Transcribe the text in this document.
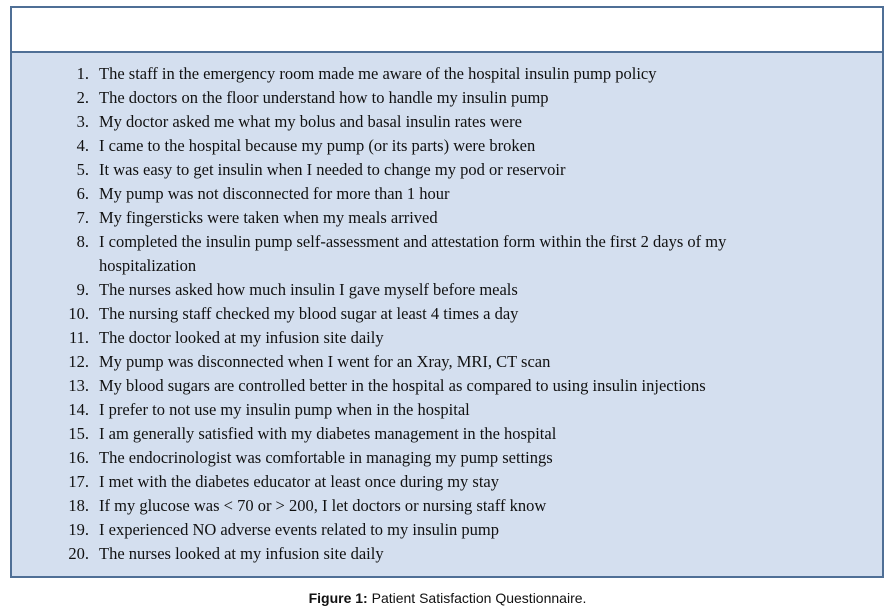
1. The staff in the emergency room made me aware of the hospital insulin pump policy
2. The doctors on the floor understand how to handle my insulin pump
3. My doctor asked me what my bolus and basal insulin rates were
4. I came to the hospital because my pump (or its parts) were broken
5. It was easy to get insulin when I needed to change my pod or reservoir
6. My pump was not disconnected for more than 1 hour
7. My fingersticks were taken when my meals arrived
8. I completed the insulin pump self-assessment and attestation form within the first 2 days of my hospitalization
9. The nurses asked how much insulin I gave myself before meals
10. The nursing staff checked my blood sugar at least 4 times a day
11. The doctor looked at my infusion site daily
12. My pump was disconnected when I went for an Xray, MRI, CT scan
13. My blood sugars are controlled better in the hospital as compared to using insulin injections
14. I prefer to not use my insulin pump when in the hospital
15. I am generally satisfied with my diabetes management in the hospital
16. The endocrinologist was comfortable in managing my pump settings
17. I met with the diabetes educator at least once during my stay
18. If my glucose was < 70 or > 200, I let doctors or nursing staff know
19. I experienced NO adverse events related to my insulin pump
20. The nurses looked at my infusion site daily
Figure 1: Patient Satisfaction Questionnaire.
